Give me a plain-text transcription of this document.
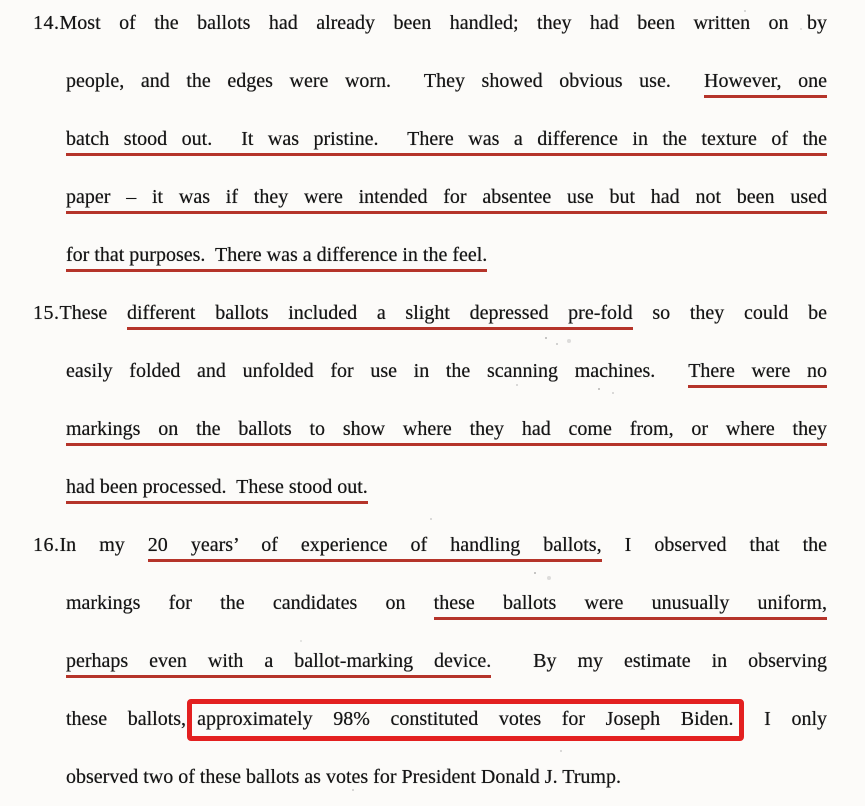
14.Most of the ballots had already been handled; they had been written on by
people, and the edges were worn.  They showed obvious use.  However, one
batch stood out.  It was pristine.  There was a difference in the texture of the
paper – it was if they were intended for absentee use but had not been used
for that purposes.  There was a difference in the feel.
15.These different ballots included a slight depressed pre-fold so they could be
easily folded and unfolded for use in the scanning machines.  There were no
markings on the ballots to show where they had come from, or where they
had been processed.  These stood out.
16.In my 20 years’ of experience of handling ballots, I observed that the
markings for the candidates on these ballots were unusually uniform,
perhaps even with a ballot-marking device.  By my estimate in observing
these ballots, approximately 98% constituted votes for Joseph Biden. I only
observed two of these ballots as votes for President Donald J. Trump.
